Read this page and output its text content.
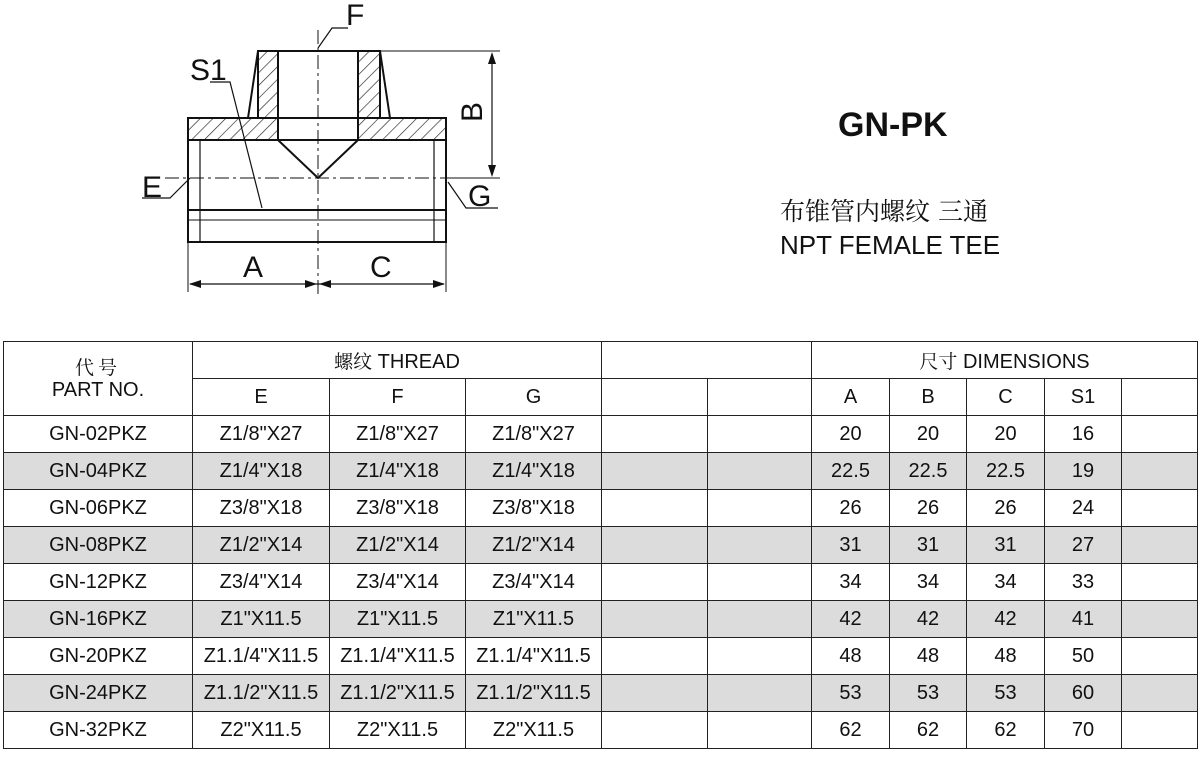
F
S1
E	G
A	C
B	GN-PK
布锥管内螺纹 三通
NPT FEMALE TEE
代号
PART NO.	螺纹 THREAD					尺寸 DIMENSIONS				
	E	F	G			A	B	C	S1	
GN-02PKZ	Z1/8"X27	Z1/8"X27	Z1/8"X27			20	20	20	16	
GN-04PKZ	Z1/4"X18	Z1/4"X18	Z1/4"X18			22.5	22.5	22.5	19	
GN-06PKZ	Z3/8"X18	Z3/8"X18	Z3/8"X18			26	26	26	24	
GN-08PKZ	Z1/2"X14	Z1/2"X14	Z1/2"X14			31	31	31	27	
GN-12PKZ	Z3/4"X14	Z3/4"X14	Z3/4"X14			34	34	34	33	
GN-16PKZ	Z1"X11.5	Z1"X11.5	Z1"X11.5			42	42	42	41	
GN-20PKZ	Z1.1/4"X11.5	Z1.1/4"X11.5	Z1.1/4"X11.5			48	48	48	50	
GN-24PKZ	Z1.1/2"X11.5	Z1.1/2"X11.5	Z1.1/2"X11.5			53	53	53	60	
GN-32PKZ	Z2"X11.5	Z2"X11.5	Z2"X11.5			62	62	62	70	
